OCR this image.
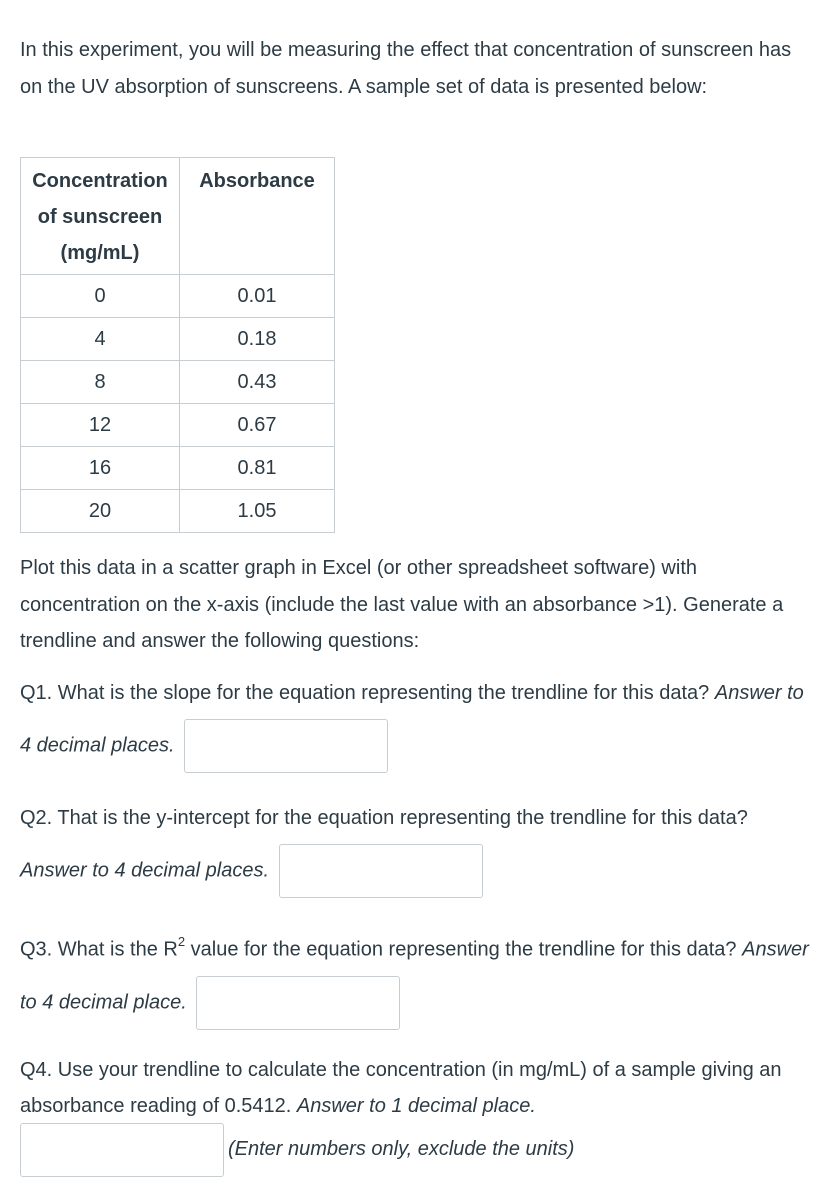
In this experiment, you will be measuring the effect that concentration of sunscreen has on the UV absorption of sunscreens. A sample set of data is presented below:

Concentration of sunscreen (mg/mL)	Absorbance
0	0.01
4	0.18
8	0.43
12	0.67
16	0.81
20	1.05

Plot this data in a scatter graph in Excel (or other spreadsheet software) with concentration on the x-axis (include the last value with an absorbance >1). Generate a trendline and answer the following questions:

Q1. What is the slope for the equation representing the trendline for this data? Answer to 4 decimal places.
Q2. That is the y-intercept for the equation representing the trendline for this data? Answer to 4 decimal places.
Q3. What is the $R^2$ value for the equation representing the trendline for this data? Answer to 4 decimal place.
Q4. Use your trendline to calculate the concentration (in mg/mL) of a sample giving an absorbance reading of 0.5412. Answer to 1 decimal place.
(Enter numbers only, exclude the units)
